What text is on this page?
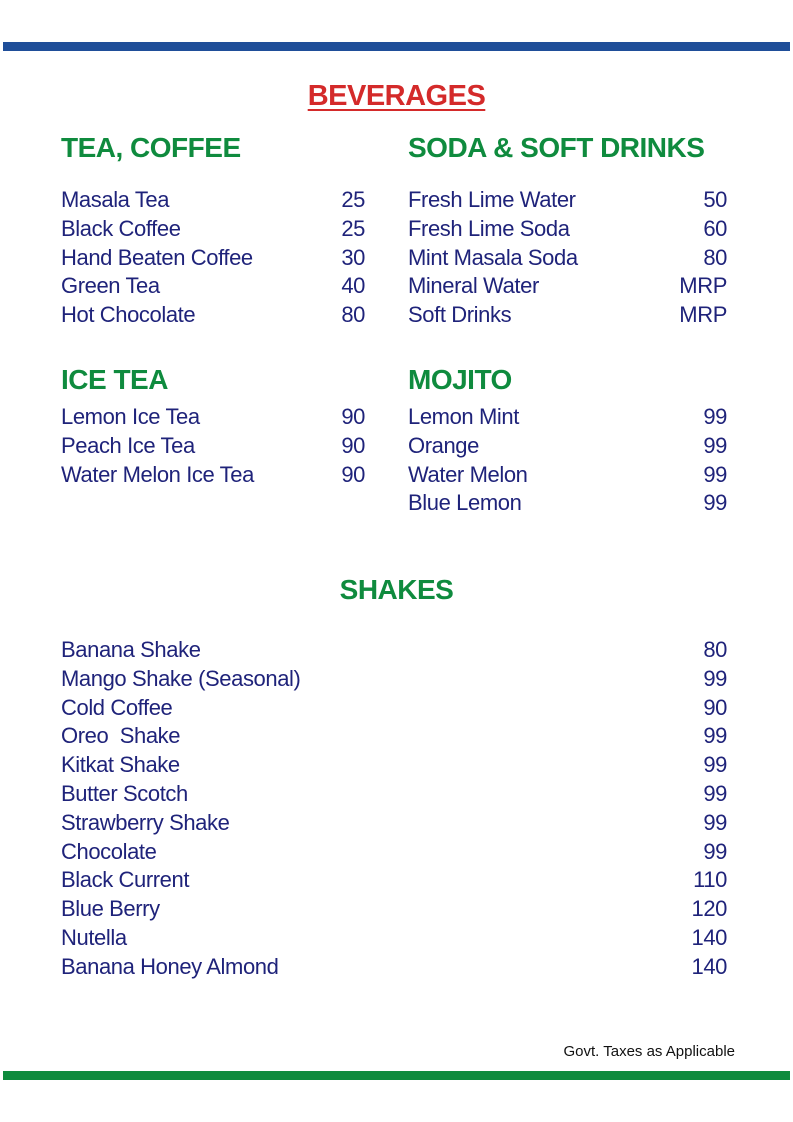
BEVERAGES
TEA, COFFEE
Masala Tea	25
Black Coffee	25
Hand Beaten Coffee	30
Green Tea	40
Hot Chocolate	80
SODA & SOFT DRINKS
Fresh Lime Water	50
Fresh Lime Soda	60
Mint Masala Soda	80
Mineral Water	MRP
Soft Drinks	MRP
ICE TEA
Lemon Ice Tea	90
Peach Ice Tea	90
Water Melon Ice Tea	90
MOJITO
Lemon Mint	99
Orange	99
Water Melon	99
Blue Lemon	99
SHAKES
Banana Shake	80
Mango Shake (Seasonal)	99
Cold Coffee	90
Oreo  Shake	99
Kitkat Shake	99
Butter Scotch	99
Strawberry Shake	99
Chocolate	99
Black Current	110
Blue Berry	120
Nutella	140
Banana Honey Almond	140
Govt. Taxes as Applicable
